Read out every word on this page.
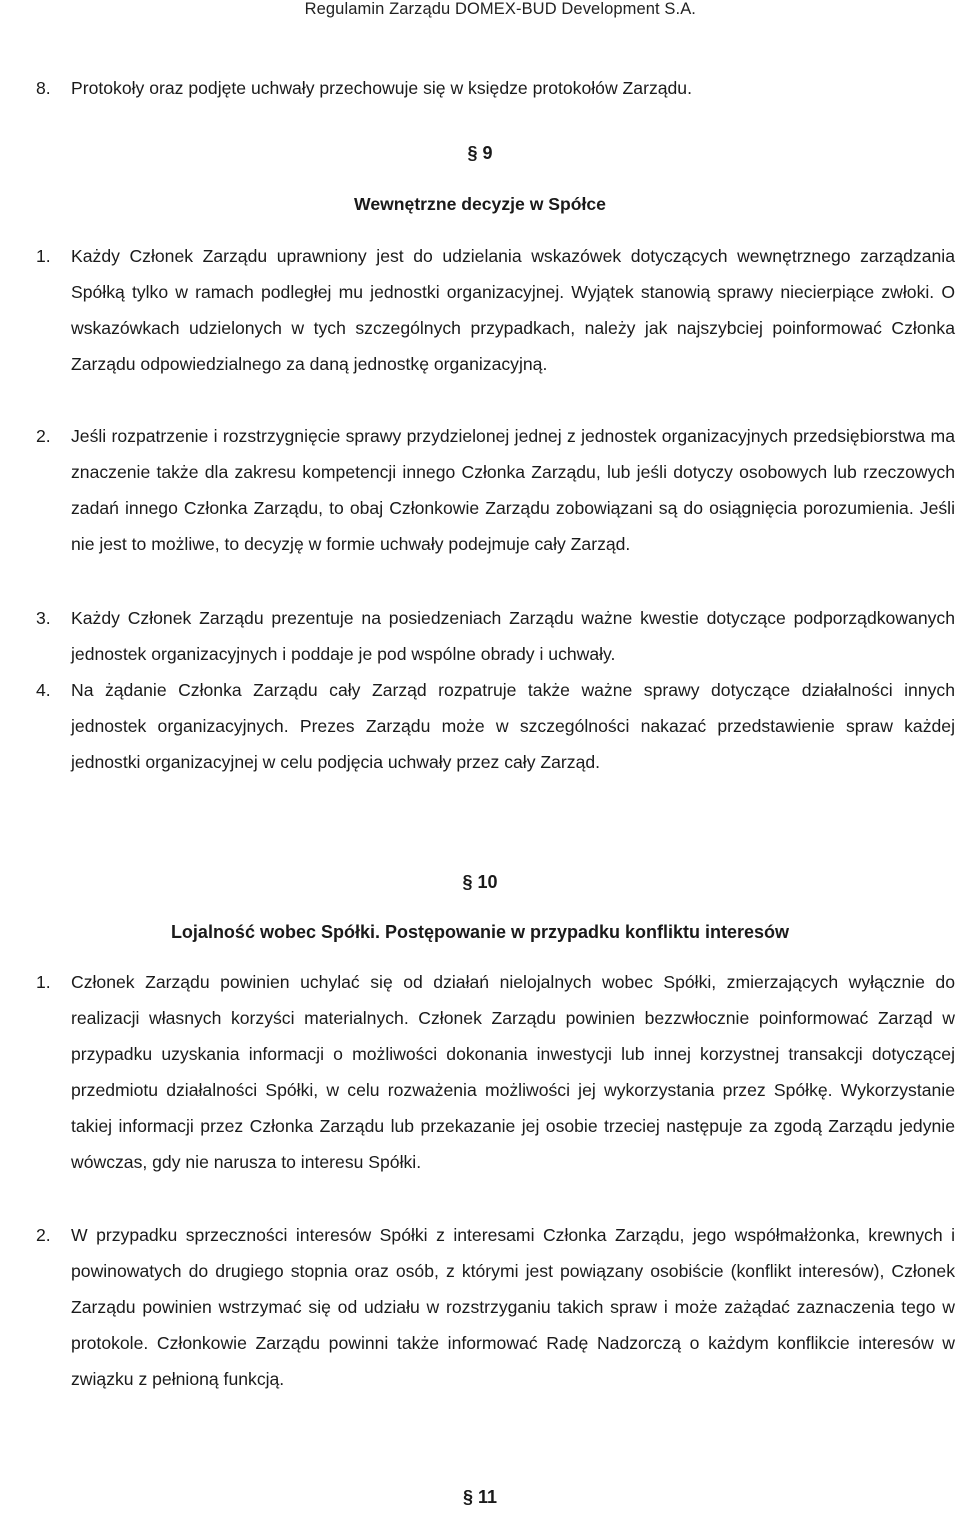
Regulamin Zarządu DOMEX-BUD Development S.A.
8.	Protokoły oraz podjęte uchwały przechowuje się w księdze protokołów Zarządu.

§ 9
Wewnętrzne decyzje w Spółce
1.	Każdy Członek Zarządu uprawniony jest do udzielania wskazówek dotyczących wewnętrznego zarządzania Spółką tylko w ramach podległej mu jednostki organizacyjnej. Wyjątek stanowią sprawy niecierpiące zwłoki. O wskazówkach udzielonych w tych szczególnych przypadkach, należy jak najszybciej poinformować Członka Zarządu odpowiedzialnego za daną jednostkę organizacyjną.

2.	Jeśli rozpatrzenie i rozstrzygnięcie sprawy przydzielonej jednej z jednostek organizacyjnych przedsiębiorstwa ma znaczenie także dla zakresu kompetencji innego Członka Zarządu, lub jeśli dotyczy osobowych lub rzeczowych zadań innego Członka Zarządu, to obaj Członkowie Zarządu zobowiązani są do osiągnięcia porozumienia. Jeśli nie jest to możliwe, to decyzję w formie uchwały podejmuje cały Zarząd.

3.	Każdy Członek Zarządu prezentuje na posiedzeniach Zarządu ważne kwestie dotyczące podporządkowanych jednostek organizacyjnych i poddaje je pod wspólne obrady i uchwały.

4.	Na żądanie Członka Zarządu cały Zarząd rozpatruje także ważne sprawy dotyczące działalności innych jednostek organizacyjnych. Prezes Zarządu może w szczególności nakazać przedstawienie spraw każdej jednostki organizacyjnej w celu podjęcia uchwały przez cały Zarząd.

§ 10
Lojalność wobec Spółki. Postępowanie w przypadku konfliktu interesów
1.	Członek Zarządu powinien uchylać się od działań nielojalnych wobec Spółki, zmierzających wyłącznie do realizacji własnych korzyści materialnych. Członek Zarządu powinien bezzwłocznie poinformować Zarząd w przypadku uzyskania informacji o możliwości dokonania inwestycji lub innej korzystnej transakcji dotyczącej przedmiotu działalności Spółki, w celu rozważenia możliwości jej wykorzystania przez Spółkę. Wykorzystanie takiej informacji przez Członka Zarządu lub przekazanie jej osobie trzeciej następuje za zgodą Zarządu jedynie wówczas, gdy nie narusza to interesu Spółki.

2.	W przypadku sprzeczności interesów Spółki z interesami Członka Zarządu, jego współmałżonka, krewnych i powinowatych do drugiego stopnia oraz osób, z którymi jest powiązany osobiście (konflikt interesów), Członek Zarządu powinien wstrzymać się od udziału w rozstrzyganiu takich spraw i może zażądać zaznaczenia tego w protokole. Członkowie Zarządu powinni także informować Radę Nadzorczą o każdym konflikcie interesów w związku z pełnioną funkcją.

§ 11
